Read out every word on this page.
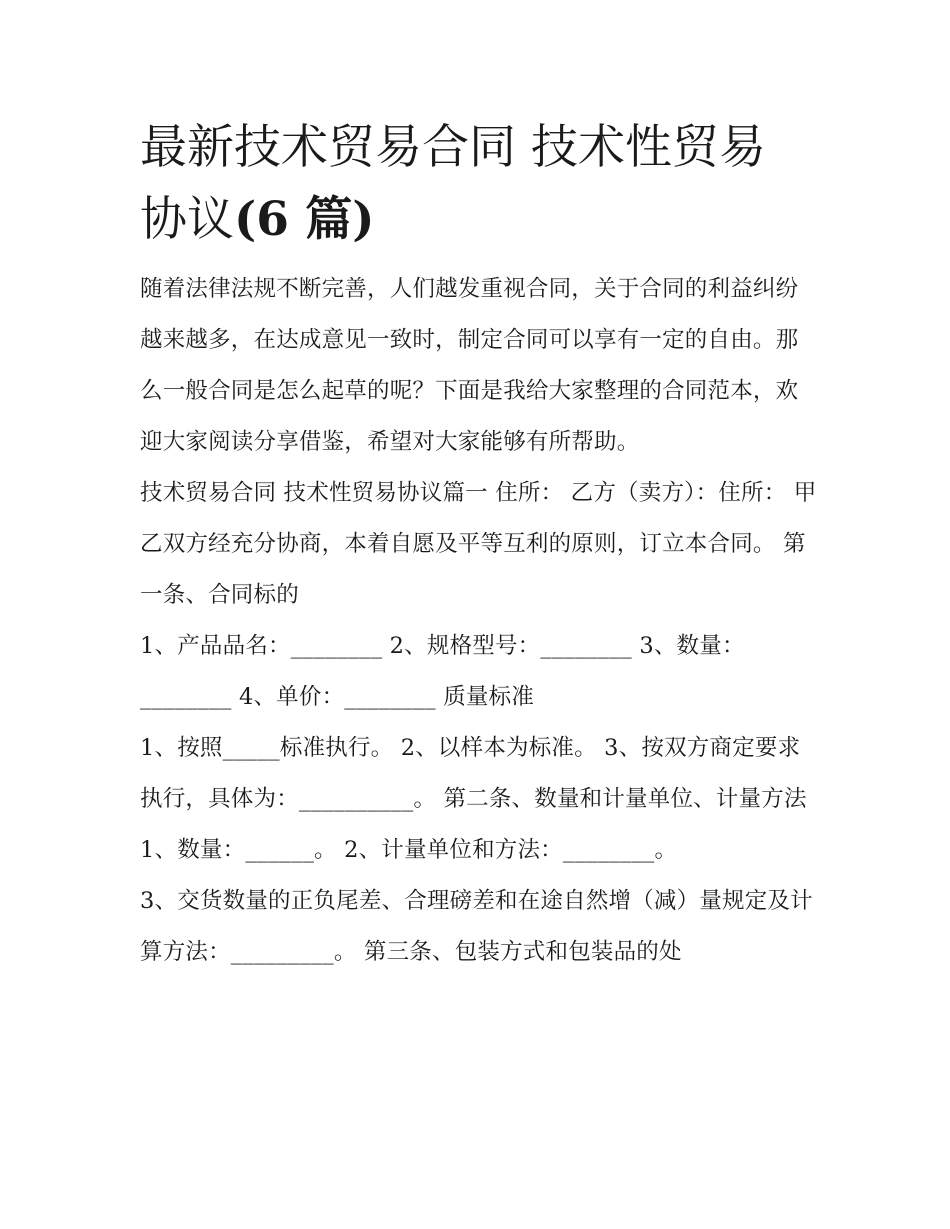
最新技术贸易合同 技术性贸易
协议(6 篇)

随着法律法规不断完善，人们越发重视合同，关于合同的利益纠纷越来越多，在达成意见一致时，制定合同可以享有一定的自由。那么一般合同是怎么起草的呢？下面是我给大家整理的合同范本，欢迎大家阅读分享借鉴，希望对大家能够有所帮助。

技术贸易合同 技术性贸易协议篇一 住所： 乙方（卖方）：住所： 甲乙双方经充分协商，本着自愿及平等互利的原则，订立本合同。 第一条、合同标的

1、产品品名：________ 2、规格型号：________ 3、数量：________ 4、单价：________ 质量标准

1、按照_____标准执行。 2、以样本为标准。 3、按双方商定要求执行，具体为：__________。 第二条、数量和计量单位、计量方法

1、数量：______。 2、计量单位和方法：________。

3、交货数量的正负尾差、合理磅差和在途自然增（减）量规定及计算方法：_________。 第三条、包装方式和包装品的处
